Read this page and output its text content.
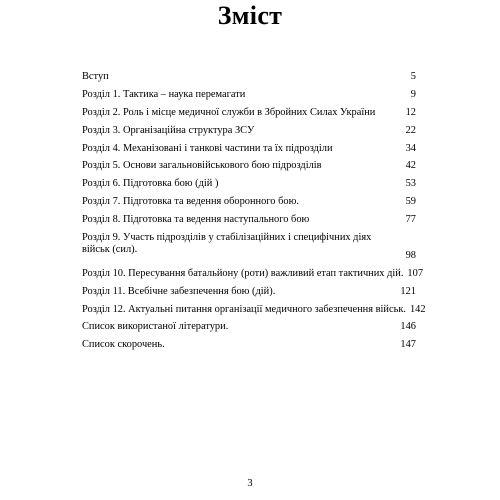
Зміст
Вступ	5
Розділ 1. Тактика – наука перемагати	9
Розділ 2. Роль і місце медичної служби в Збройних Силах України	12
Розділ 3. Організаційна структура ЗСУ	22
Розділ 4. Механізовані і танкові частини та їх підрозділи	34
Розділ 5. Основи загальновійськового бою підрозділів	42
Розділ 6. Підготовка бою (дій )	53
Розділ 7. Підготовка та ведення оборонного бою.	59
Розділ 8. Підготовка та ведення наступального бою	77
Розділ 9. Участь підрозділів у стабілізаційних і специфічних діях військ (сил).
98
Розділ 10. Пересування батальйону (роти) важливий етап тактичних дій. 107
Розділ 11. Всебічне забезпечення бою (дій).	121
Розділ 12. Актуальні питання організації медичного забезпечення військ. 142
Список використаної літератури.	146
Список скорочень.	147
3
